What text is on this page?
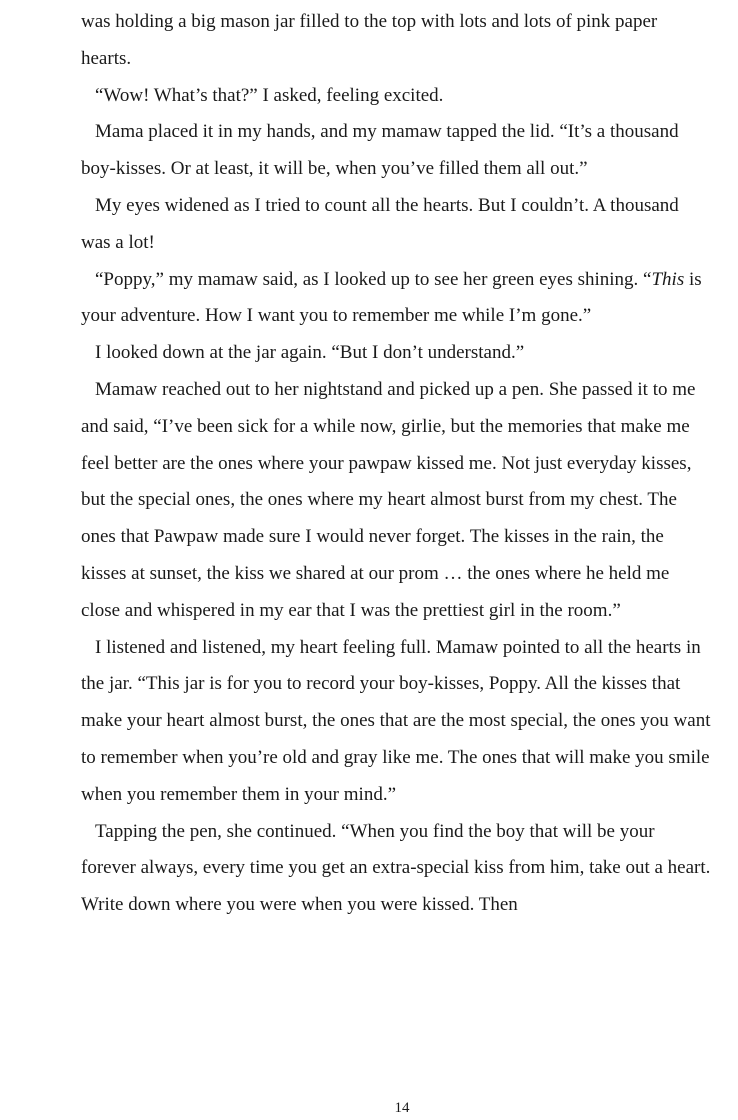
was holding a big mason jar filled to the top with lots and lots of pink paper hearts.

“Wow! What’s that?” I asked, feeling excited.

Mama placed it in my hands, and my mamaw tapped the lid. “It’s a thousand boy-kisses. Or at least, it will be, when you’ve filled them all out.”

My eyes widened as I tried to count all the hearts. But I couldn’t. A thousand was a lot!

“Poppy,” my mamaw said, as I looked up to see her green eyes shining. “This is your adventure. How I want you to remember me while I’m gone.”

I looked down at the jar again. “But I don’t understand.”

Mamaw reached out to her nightstand and picked up a pen. She passed it to me and said, “I’ve been sick for a while now, girlie, but the memories that make me feel better are the ones where your pawpaw kissed me. Not just everyday kisses, but the special ones, the ones where my heart almost burst from my chest. The ones that Pawpaw made sure I would never forget. The kisses in the rain, the kisses at sunset, the kiss we shared at our prom … the ones where he held me close and whispered in my ear that I was the prettiest girl in the room.”

I listened and listened, my heart feeling full. Mamaw pointed to all the hearts in the jar. “This jar is for you to record your boy-kisses, Poppy. All the kisses that make your heart almost burst, the ones that are the most special, the ones you want to remember when you’re old and gray like me. The ones that will make you smile when you remember them in your mind.”

Tapping the pen, she continued. “When you find the boy that will be your forever always, every time you get an extra-special kiss from him, take out a heart. Write down where you were when you were kissed. Then

14
